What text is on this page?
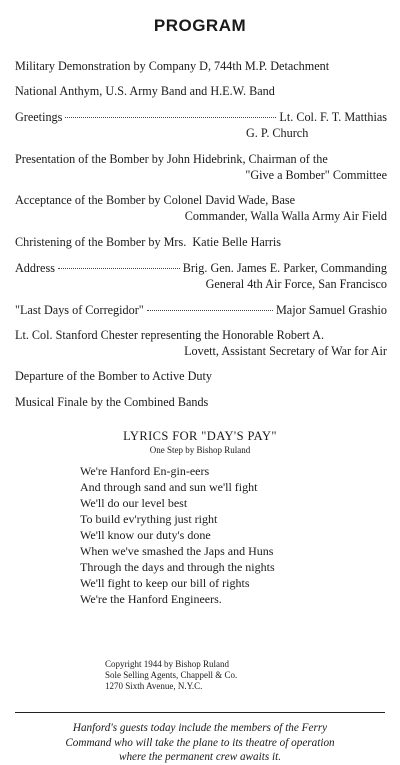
PROGRAM
Military Demonstration by Company D, 744th M.P. Detachment
National Anthym, U.S. Army Band and H.E.W. Band
Greetings	Lt. Col. F. T. Matthias
G. P. Church
Presentation of the Bomber by John Hidebrink, Chairman of the
"Give a Bomber" Committee
Acceptance of the Bomber by Colonel David Wade, Base
Commander, Walla Walla Army Air Field
Christening of the Bomber by Mrs.  Katie Belle Harris
Address	Brig. Gen. James E. Parker, Commanding
General 4th Air Force, San Francisco
"Last Days of Corregidor"	Major Samuel Grashio
Lt. Col. Stanford Chester representing the Honorable Robert A.
Lovett, Assistant Secretary of War for Air
Departure of the Bomber to Active Duty
Musical Finale by the Combined Bands
LYRICS FOR "DAY'S PAY"
One Step by Bishop Ruland
We're Hanford En-gin-eers
And through sand and sun we'll fight
We'll do our level best
To build ev'rything just right
We'll know our duty's done
When we've smashed the Japs and Huns
Through the days and through the nights
We'll fight to keep our bill of rights
We're the Hanford Engineers.
Copyright 1944 by Bishop Ruland
Sole Selling Agents, Chappell & Co.
1270 Sixth Avenue, N.Y.C.
Hanford's guests today include the members of the Ferry
Command who will take the plane to its theatre of operation
where the permanent crew awaits it.
